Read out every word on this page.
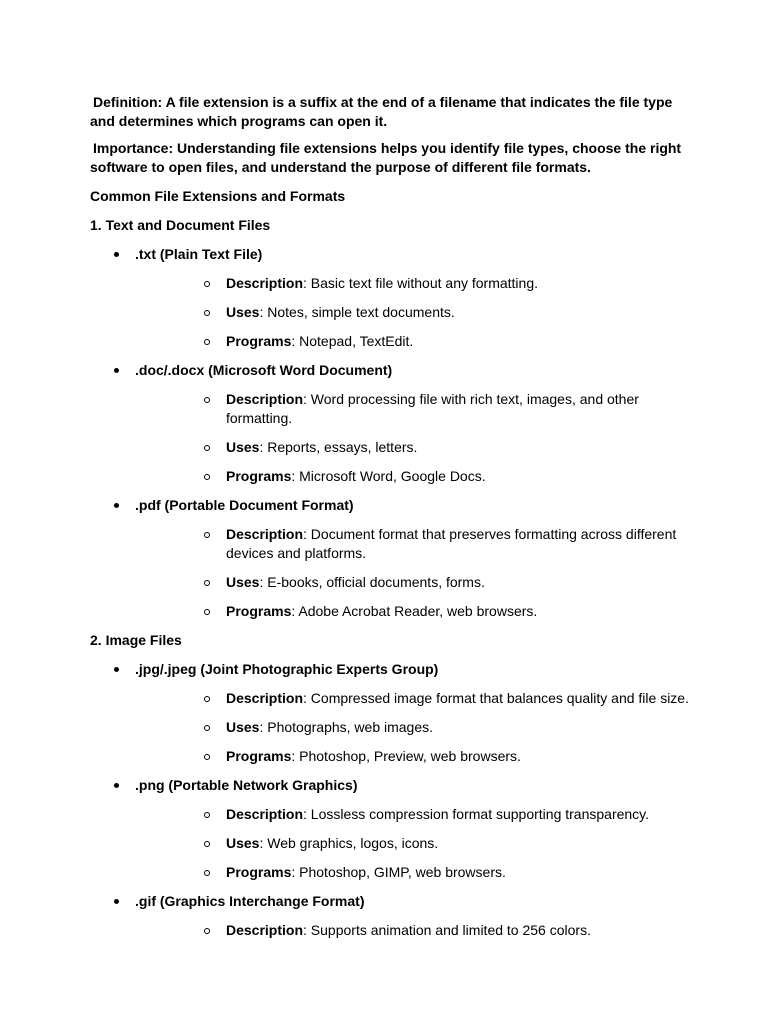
Definition: A file extension is a suffix at the end of a filename that indicates the file type and determines which programs can open it.

Importance: Understanding file extensions helps you identify file types, choose the right software to open files, and understand the purpose of different file formats.

Common File Extensions and Formats

1. Text and Document Files
.txt (Plain Text File)
Description: Basic text file without any formatting.
Uses: Notes, simple text documents.
Programs: Notepad, TextEdit.
.doc/.docx (Microsoft Word Document)
Description: Word processing file with rich text, images, and other formatting.
Uses: Reports, essays, letters.
Programs: Microsoft Word, Google Docs.
.pdf (Portable Document Format)
Description: Document format that preserves formatting across different devices and platforms.
Uses: E-books, official documents, forms.
Programs: Adobe Acrobat Reader, web browsers.
2. Image Files
.jpg/.jpeg (Joint Photographic Experts Group)
Description: Compressed image format that balances quality and file size.
Uses: Photographs, web images.
Programs: Photoshop, Preview, web browsers.
.png (Portable Network Graphics)
Description: Lossless compression format supporting transparency.
Uses: Web graphics, logos, icons.
Programs: Photoshop, GIMP, web browsers.
.gif (Graphics Interchange Format)
Description: Supports animation and limited to 256 colors.
